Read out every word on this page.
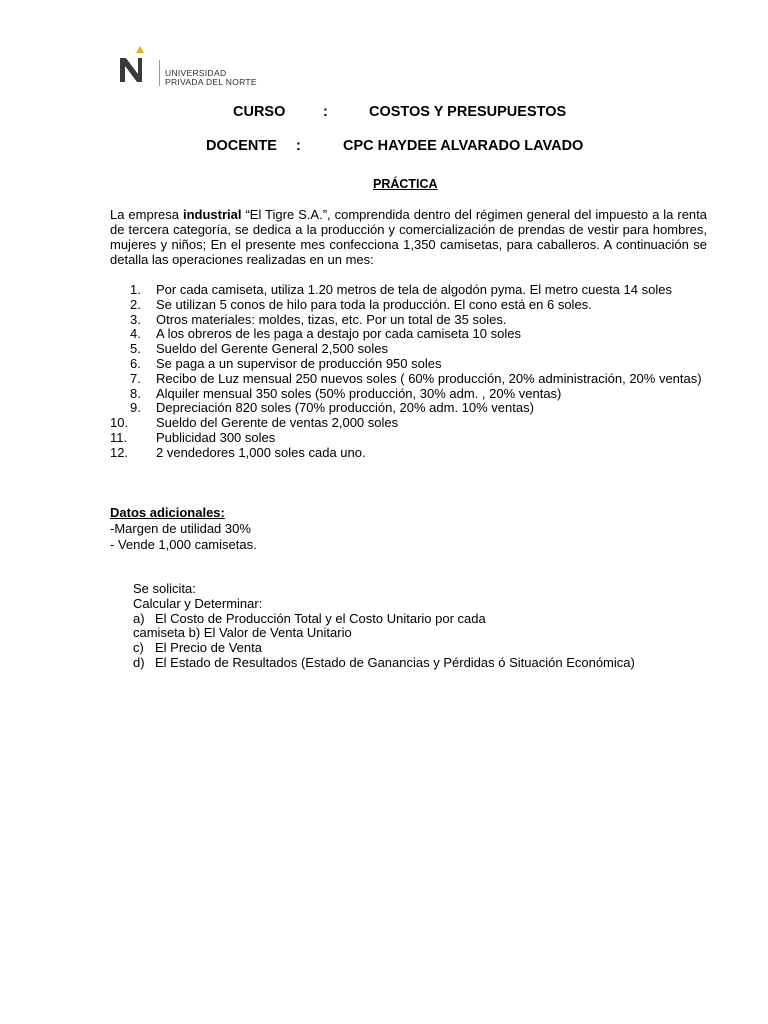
UNIVERSIDAD
PRIVADA DEL NORTE
CURSO	:	COSTOS Y PRESUPUESTOS
DOCENTE :	CPC HAYDEE ALVARADO LAVADO
PRÁCTICA
La empresa industrial “El Tigre S.A.”, comprendida dentro del régimen general del impuesto a la renta de tercera categoría, se dedica a la producción y comercialización de prendas de vestir para hombres, mujeres y niños; En el presente mes confecciona 1,350 camisetas, para caballeros. A continuación se detalla las operaciones realizadas en un mes:
1.	Por cada camiseta, utiliza 1.20 metros de tela de algodón pyma. El metro cuesta 14 soles
2.	Se utilizan 5 conos de hilo para toda la producción. El cono está en 6 soles.
3.	Otros materiales: moldes, tizas, etc. Por un total de 35 soles.
4.	A los obreros de les paga a destajo por cada camiseta 10 soles
5.	Sueldo del Gerente General 2,500 soles
6.	Se paga a un supervisor de producción 950 soles
7.	Recibo de Luz mensual 250 nuevos soles ( 60% producción, 20% administración, 20% ventas)
8.	Alquiler mensual 350 soles (50% producción, 30% adm. , 20% ventas)
9.	Depreciación 820 soles (70% producción, 20% adm. 10% ventas)
10.	Sueldo del Gerente de ventas 2,000 soles
11.	Publicidad 300 soles
12.	2 vendedores 1,000 soles cada uno.
Datos adicionales:
-Margen de utilidad 30%
- Vende 1,000 camisetas.
Se solicita:
Calcular y Determinar:
a) El Costo de Producción Total y el Costo Unitario por cada
camiseta b) El Valor de Venta Unitario
c) El Precio de Venta
d) El Estado de Resultados (Estado de Ganancias y Pérdidas ó Situación Económica)
